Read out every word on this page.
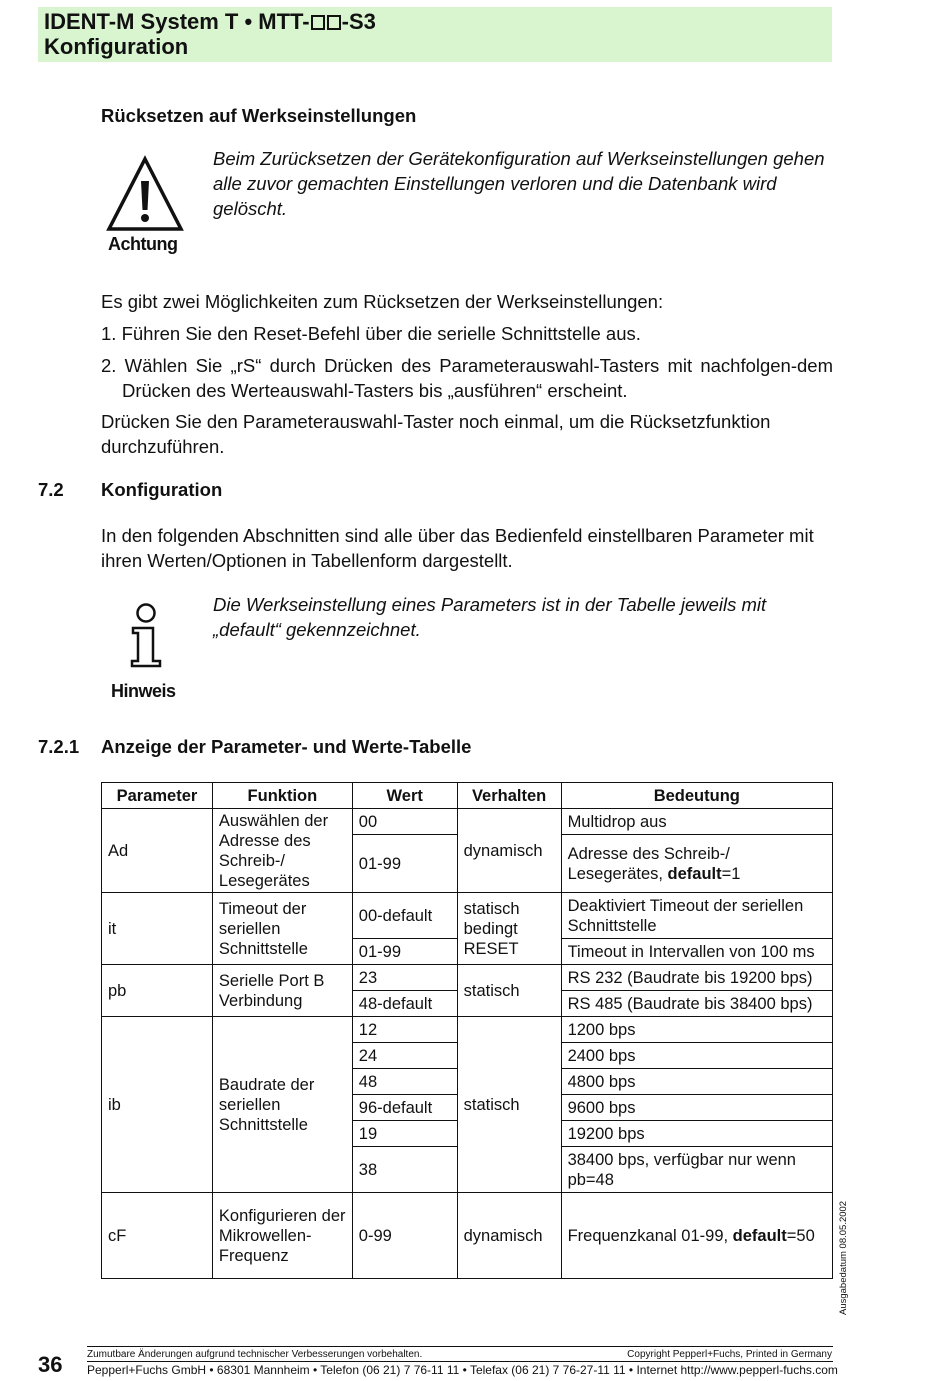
IDENT-M System T • MTT- -S3
Konfiguration
Rücksetzen auf Werkseinstellungen
Achtung
Beim Zurücksetzen der Gerätekonfiguration auf Werkseinstellungen gehen alle zuvor gemachten Einstellungen verloren und die Datenbank wird gelöscht.
Es gibt zwei Möglichkeiten zum Rücksetzen der Werkseinstellungen:
1. Führen Sie den Reset-Befehl über die serielle Schnittstelle aus.
2. Wählen Sie „rS“ durch Drücken des Parameterauswahl-Tasters mit nachfolgen-dem Drücken des Werteauswahl-Tasters bis „ausführen“ erscheint.
Drücken Sie den Parameterauswahl-Taster noch einmal, um die Rücksetzfunktion durchzuführen.
7.2 Konfiguration
In den folgenden Abschnitten sind alle über das Bedienfeld einstellbaren Parameter mit ihren Werten/Optionen in Tabellenform dargestellt.
Hinweis
Die Werkseinstellung eines Parameters ist in der Tabelle jeweils mit „default“ gekennzeichnet.
7.2.1 Anzeige der Parameter- und Werte-Tabelle
Parameter	Funktion	Wert	Verhalten	Bedeutung
Ad	Auswählen der Adresse des Schreib-/ Lesegerätes	00	dynamisch	Multidrop aus
		01-99		Adresse des Schreib-/ Lesegerätes, default=1
it	Timeout der seriellen Schnittstelle	00-default	statisch bedingt RESET	Deaktiviert Timeout der seriellen Schnittstelle
		01-99		Timeout in Intervallen von 100 ms
pb	Serielle Port B Verbindung	23	statisch	RS 232 (Baudrate bis 19200 bps)
		48-default		RS 485 (Baudrate bis 38400 bps)
ib	Baudrate der seriellen Schnittstelle	12	statisch	1200 bps
		24		2400 bps
		48		4800 bps
		96-default		9600 bps
		19		19200 bps
		38		38400 bps, verfügbar nur wenn pb=48
cF	Konfigurieren der Mikrowellen-Frequenz	0-99	dynamisch	Frequenzkanal 01-99, default=50 Ausgabedatum 08.05.2002
36 Zumutbare Änderungen aufgrund technischer Verbesserungen vorbehalten.	Copyright Pepperl+Fuchs, Printed in Germany
Pepperl+Fuchs GmbH • 68301 Mannheim • Telefon (06 21) 7 76-11 11 • Telefax (06 21) 7 76-27-11 11 • Internet http://www.pepperl-fuchs.com
